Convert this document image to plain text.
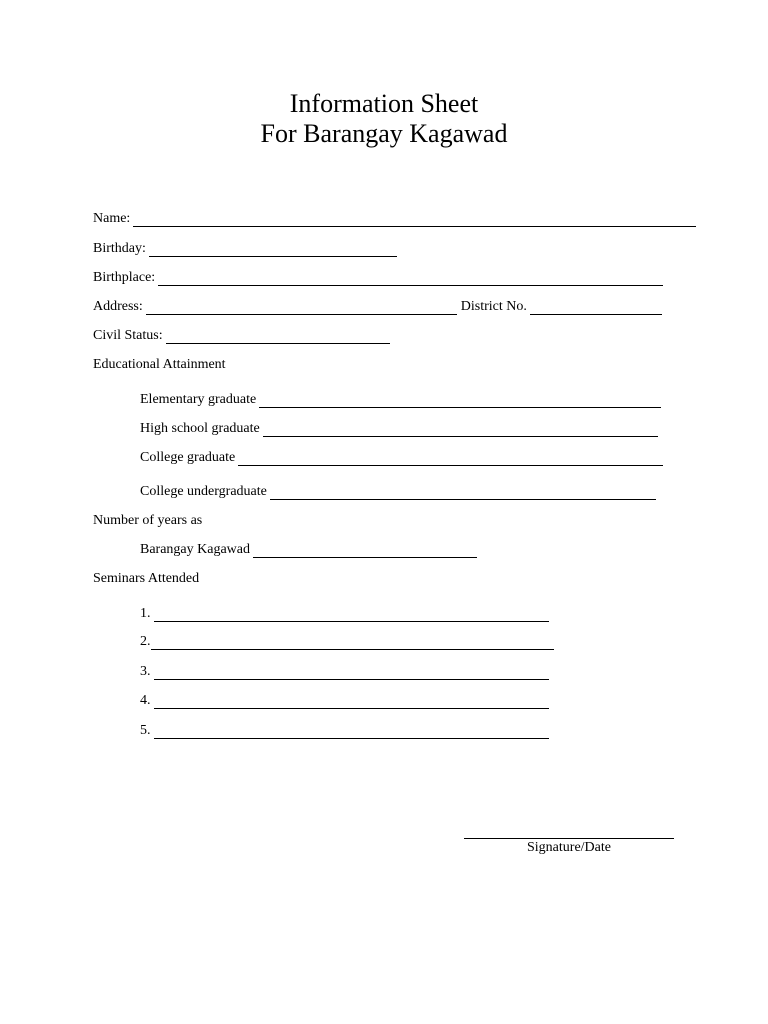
Information Sheet
For Barangay Kagawad
Name:
Birthday:
Birthplace:
Address:	District No.
Civil Status:
Educational Attainment
Elementary graduate
High school graduate
College graduate
College undergraduate
Number of years as
Barangay Kagawad
Seminars Attended
1.
2.
3.
4.
5.
Signature/Date
